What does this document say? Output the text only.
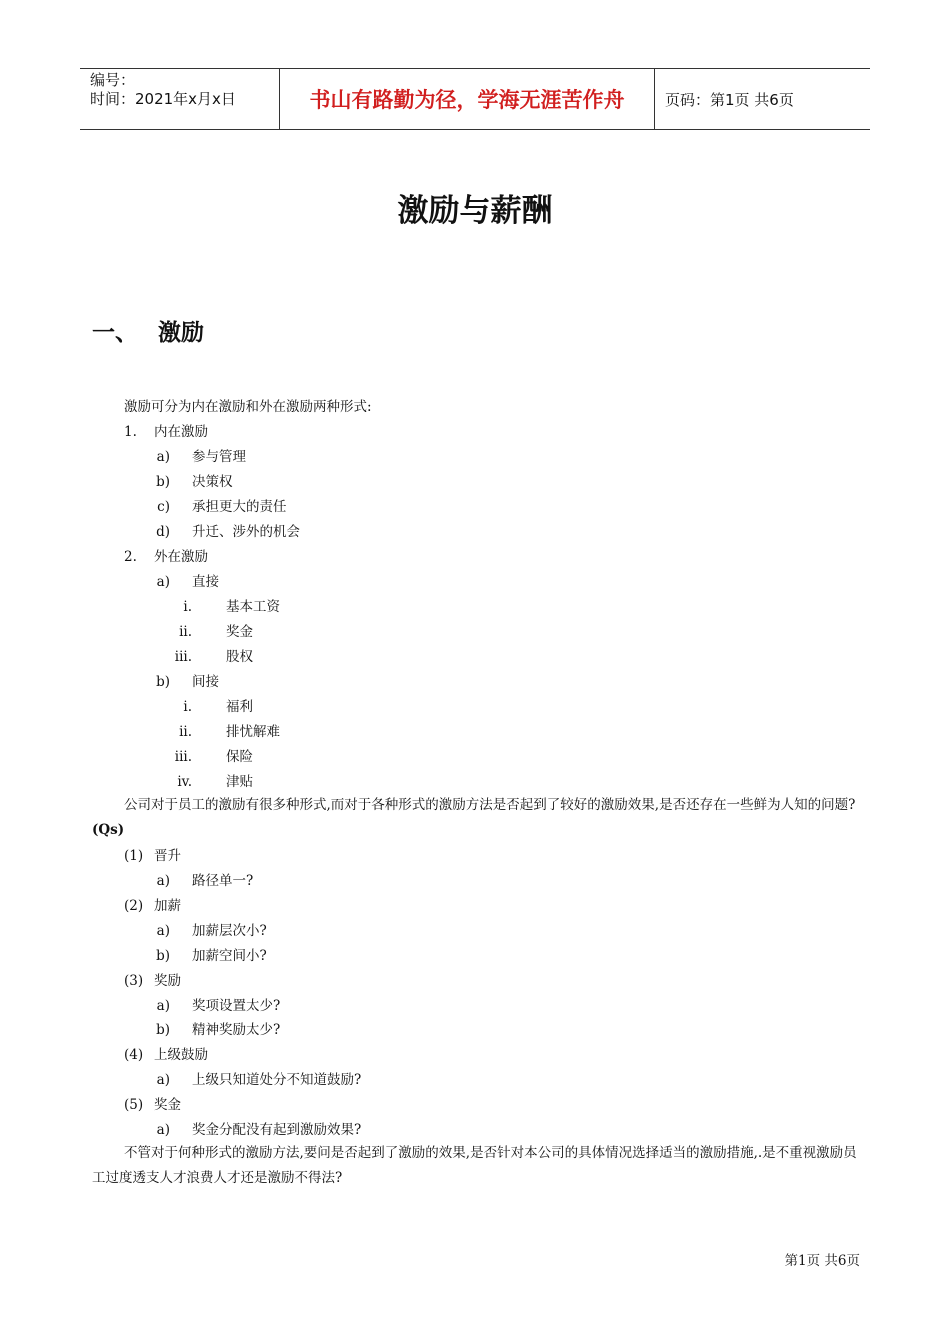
编号：
时间：2021年x月x日	书山有路勤为径，学海无涯苦作舟	页码：第1页 共6页
激励与薪酬
一、 激励
激励可分为内在激励和外在激励两种形式:
1. 内在激励
a) 参与管理
b) 决策权
c) 承担更大的责任
d) 升迁、涉外的机会
2. 外在激励
a) 直接
i.	基本工资
ii.	奖金
iii.	股权
b) 间接
i.	福利
ii.	排忧解难
iii.	保险
iv.	津贴
公司对于员工的激励有很多种形式,而对于各种形式的激励方法是否起到了较好的激励效果,是否还存在一些鲜为人知的问题?(Qs)
(1) 晋升
a) 路径单一?
(2) 加薪
a) 加薪层次小?
b) 加薪空间小?
(3) 奖励
a) 奖项设置太少?
b) 精神奖励太少?
(4) 上级鼓励
a) 上级只知道处分不知道鼓励?
(5) 奖金
a) 奖金分配没有起到激励效果?
不管对于何种形式的激励方法,要问是否起到了激励的效果,是否针对本公司的具体情况选择适当的激励措施,.是不重视激励员工过度透支人才浪费人才还是激励不得法?
第1页 共6页
